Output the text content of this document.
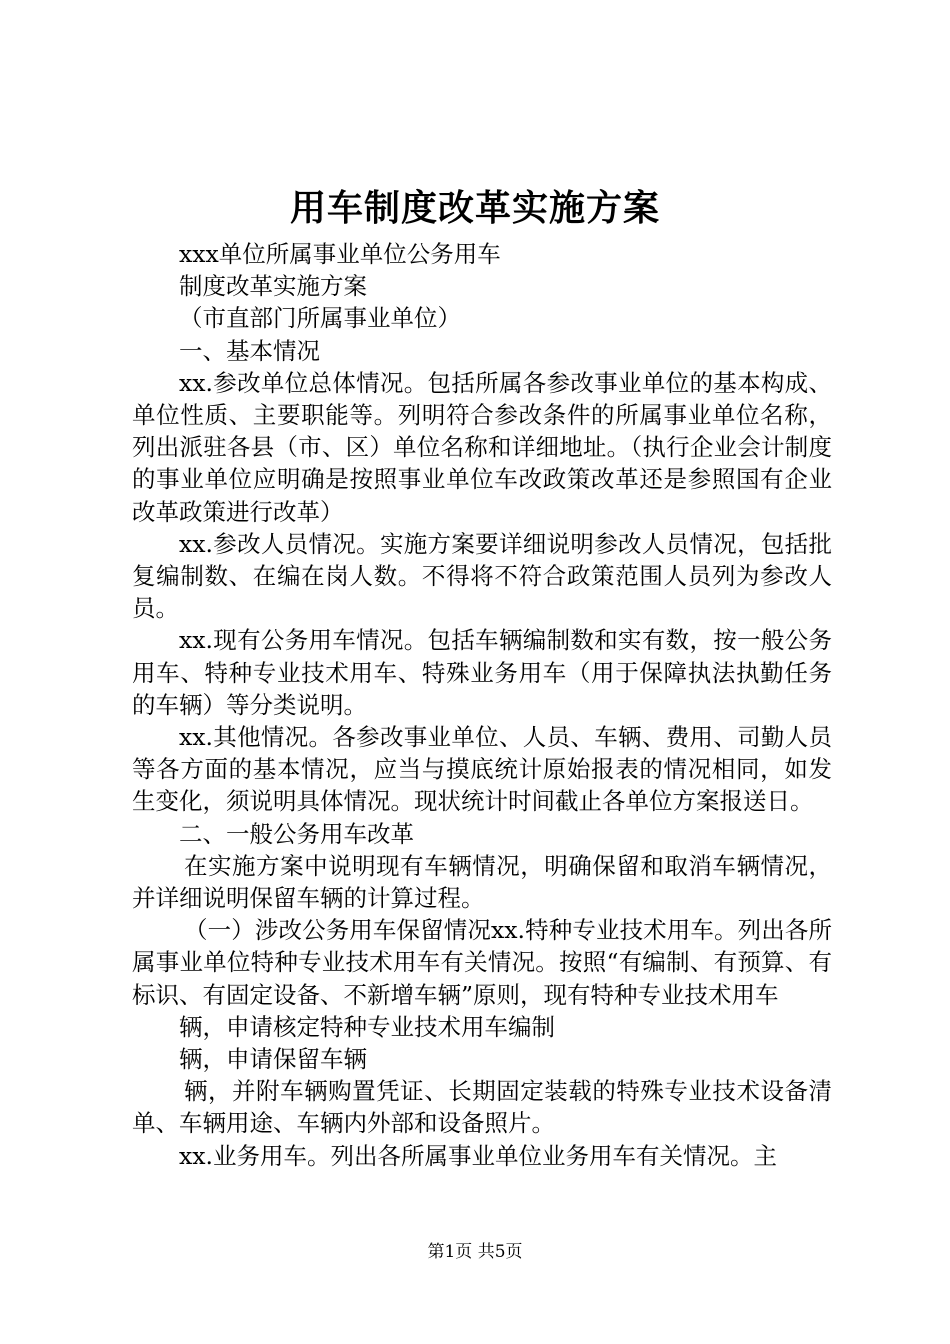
用车制度改革实施方案

xxx单位所属事业单位公务用车

制度改革实施方案

（市直部门所属事业单位）

一、基本情况

xx.参改单位总体情况。包括所属各参改事业单位的基本构成、单位性质、主要职能等。列明符合参改条件的所属事业单位名称，列出派驻各县（市、区）单位名称和详细地址。（执行企业会计制度的事业单位应明确是按照事业单位车改政策改革还是参照国有企业改革政策进行改革）

xx.参改人员情况。实施方案要详细说明参改人员情况，包括批复编制数、在编在岗人数。不得将不符合政策范围人员列为参改人员。

xx.现有公务用车情况。包括车辆编制数和实有数，按一般公务用车、特种专业技术用车、特殊业务用车（用于保障执法执勤任务的车辆）等分类说明。

xx.其他情况。各参改事业单位、人员、车辆、费用、司勤人员等各方面的基本情况，应当与摸底统计原始报表的情况相同，如发生变化，须说明具体情况。现状统计时间截止各单位方案报送日。

二、一般公务用车改革

在实施方案中说明现有车辆情况，明确保留和取消车辆情况，并详细说明保留车辆的计算过程。

（一）涉改公务用车保留情况xx.特种专业技术用车。列出各所属事业单位特种专业技术用车有关情况。按照“有编制、有预算、有标识、有固定设备、不新增车辆”原则，现有特种专业技术用车

辆，申请核定特种专业技术用车编制

辆，申请保留车辆

辆，并附车辆购置凭证、长期固定装载的特殊专业技术设备清单、车辆用途、车辆内外部和设备照片。

xx.业务用车。列出各所属事业单位业务用车有关情况。主

第1页 共5页
